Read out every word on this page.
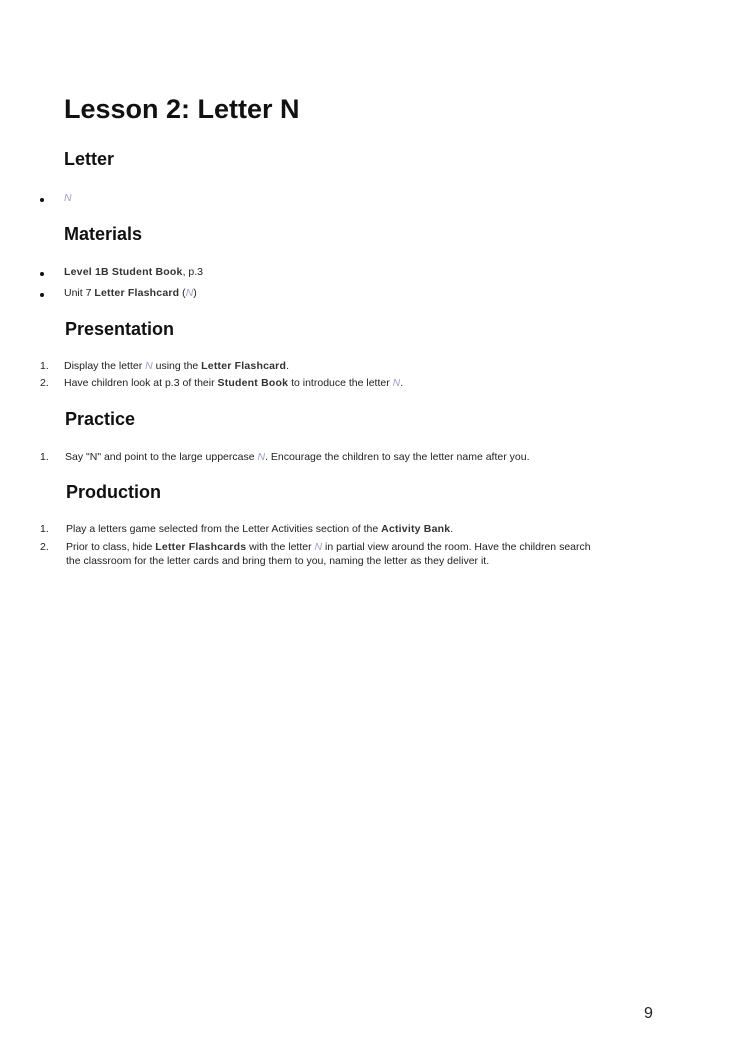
Lesson 2: Letter N
Letter
N
Materials
Level 1B Student Book, p.3
Unit 7 Letter Flashcard (N)
Presentation
1. Display the letter N using the Letter Flashcard.
2. Have children look at p.3 of their Student Book to introduce the letter N.
Practice
1. Say "N" and point to the large uppercase N. Encourage the children to say the letter name after you.
Production
1. Play a letters game selected from the Letter Activities section of the Activity Bank.
2. Prior to class, hide Letter Flashcards with the letter N in partial view around the room. Have the children search
the classroom for the letter cards and bring them to you, naming the letter as they deliver it.
9
